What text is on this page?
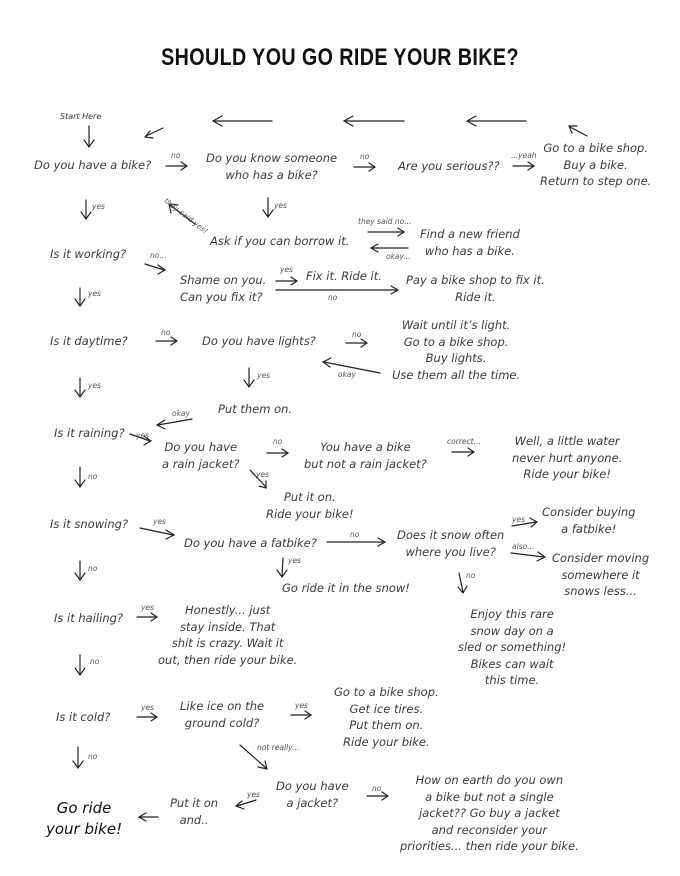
SHOULD YOU GO RIDE YOUR BIKE?
Start Here
Do you have a bike?	Do you know someone
who has a bike?
Are you serious??
Go to a bike shop.
Buy a bike.
Return to step one.
Ask if you can borrow it.	Find a new friend
who has a bike.
Is it working?
Shame on you.
Can you fix it?
Fix it. Ride it. Pay a bike shop to fix it.
Ride it.
Is it daytime?	Do you have lights?
Wait until it’s light.
Go to a bike shop.
Buy lights.
Use them all the time.
Put them on.
Is it raining?
Do you have
a rain jacket?
You have a bike
but not a rain jacket?
Well, a little water
never hurt anyone.
Ride your bike!
Put it on.
Ride your bike!
Is it snowing?
Do you have a fatbike?
Does it snow often
where you live?
Consider buying
a fatbike!
Consider moving
somewhere it
snows less...
Go ride it in the snow!
Enjoy this rare
snow day on a
sled or something!
Bikes can wait
this time.
Is it hailing?
Honestly... just
stay inside. That
shit is crazy. Wait it
out, then ride your bike.
Is it cold?
Like ice on the
ground cold?
Go to a bike shop.
Get ice tires.
Put them on.
Ride your bike.
Do you have
a jacket?
Put it on
and..
How on earth do you own
a bike but not a single
jacket?? Go buy a jacket
and reconsider your
priorities... then ride your bike.
Go ride
your bike!
no	no	...yeah
yes	yes
they said yes!	they said no...
okay...
no...
yes
yes
no
no
yes
no
okay
yes
okay
yes
no
no
yes
correct...
yes
no
no
yes
yes
also...
no
yes
no
yes
no
yes
not really...
yes
no
